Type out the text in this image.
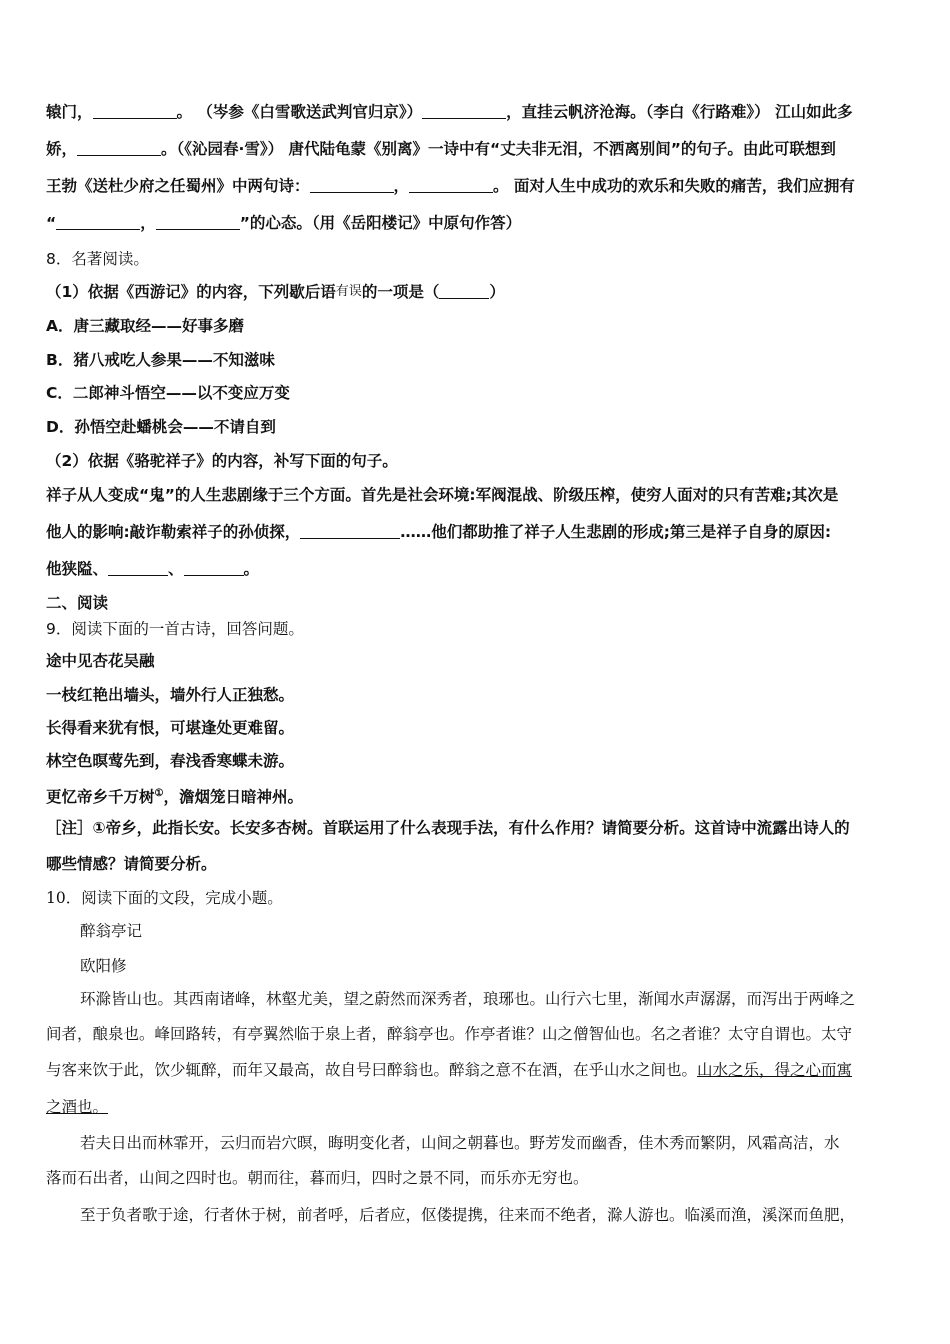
辕门，	。 （岑参《白雪歌送武判官归京》）	，直挂云帆济沧海。（李白《行路难》） 江山如此多
娇，	。（《沁园春·雪》） 唐代陆龟蒙《别离》一诗中有“丈夫非无泪，不洒离别间”的句子。由此可联想到
王勃《送杜少府之任蜀州》中两句诗：	，	。 面对人生中成功的欢乐和失败的痛苦，我们应拥有
“	，	”的心态。（用《岳阳楼记》中原句作答）
8．名著阅读。
（1）依据《西游记》的内容，下列歇后语有误的一项是（	）
A．唐三藏取经——好事多磨
B．猪八戒吃人参果——不知滋味
C．二郎神斗悟空——以不变应万变
D．孙悟空赴蟠桃会——不请自到
（2）依据《骆驼祥子》的内容，补写下面的句子。
祥子从人变成“鬼”的人生悲剧缘于三个方面。首先是社会环境:军阀混战、阶级压榨，使穷人面对的只有苦难;其次是
他人的影响:敲诈勒索祥子的孙侦探，	……他们都助推了祥子人生悲剧的形成;第三是祥子自身的原因:
他狭隘、	、	。
二、阅读
9．阅读下面的一首古诗，回答问题。
途中见杏花吴融
一枝红艳出墙头，墙外行人正独愁。
长得看来犹有恨，可堪逢处更难留。
林空色暝莺先到，春浅香寒蝶未游。
更忆帝乡千万树①，澹烟笼日暗神州。
［注］①帝乡，此指长安。长安多杏树。首联运用了什么表现手法，有什么作用？请简要分析。这首诗中流露出诗人的
哪些情感？请简要分析。
10．阅读下面的文段，完成小题。
醉翁亭记
欧阳修
环滁皆山也。其西南诸峰，林壑尤美，望之蔚然而深秀者，琅琊也。山行六七里，渐闻水声潺潺，而泻出于两峰之
间者，酿泉也。峰回路转，有亭翼然临于泉上者，醉翁亭也。作亭者谁？山之僧智仙也。名之者谁？太守自谓也。太守
与客来饮于此，饮少辄醉，而年又最高，故自号曰醉翁也。醉翁之意不在酒，在乎山水之间也。山水之乐，得之心而寓
之酒也。
若夫日出而林霏开，云归而岩穴暝，晦明变化者，山间之朝暮也。野芳发而幽香，佳木秀而繁阴，风霜高洁，水
落而石出者，山间之四时也。朝而往，暮而归，四时之景不同，而乐亦无穷也。
至于负者歌于途，行者休于树，前者呼，后者应，伛偻提携，往来而不绝者，滁人游也。临溪而渔，溪深而鱼肥，
